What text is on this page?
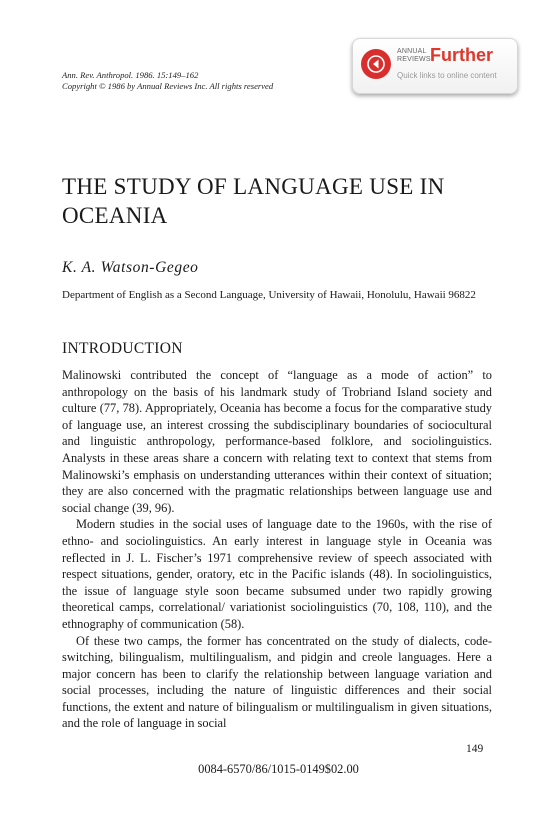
Ann. Rev. Anthropol. 1986. 15:149–162
Copyright © 1986 by Annual Reviews Inc. All rights reserved
ANNUAL REVIEWS Further
Quick links to online content
THE STUDY OF LANGUAGE USE IN OCEANIA
K. A. Watson-Gegeo
Department of English as a Second Language, University of Hawaii, Honolulu, Hawaii 96822
INTRODUCTION

Malinowski contributed the concept of “language as a mode of action” to anthropology on the basis of his landmark study of Trobriand Island society and culture (77, 78). Appropriately, Oceania has become a focus for the comparative study of language use, an interest crossing the subdisciplinary boundaries of sociocultural and linguistic anthropology, performance-based folklore, and sociolinguistics. Analysts in these areas share a concern with relating text to context that stems from Malinowski’s emphasis on understanding utterances within their context of situation; they are also concerned with the pragmatic relationships between language use and social change (39, 96).

Modern studies in the social uses of language date to the 1960s, with the rise of ethno- and sociolinguistics. An early interest in language style in Oceania was reflected in J. L. Fischer’s 1971 comprehensive review of speech associated with respect situations, gender, oratory, etc in the Pacific islands (48). In sociolinguistics, the issue of language style soon became subsumed under two rapidly growing theoretical camps, correlational/ variationist sociolinguistics (70, 108, 110), and the ethnography of communication (58).

Of these two camps, the former has concentrated on the study of dialects, code-switching, bilingualism, multilingualism, and pidgin and creole languages. Here a major concern has been to clarify the relationship between language variation and social processes, including the nature of linguistic differences and their social functions, the extent and nature of bilingualism or multilingualism in given situations, and the role of language in social

149
0084-6570/86/1015-0149$02.00
